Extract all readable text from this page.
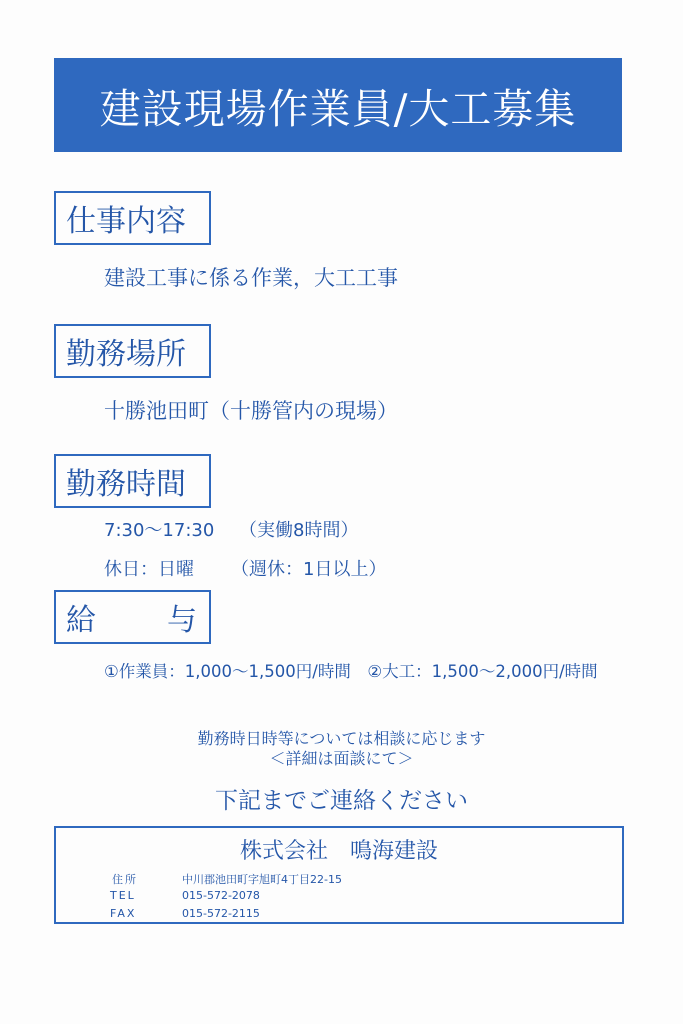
建設現場作業員/大工募集
仕事内容
建設工事に係る作業，大工工事
勤務場所
十勝池田町（十勝管内の現場）
勤務時間
7:30〜17:30 （実働8時間）
休日：日曜 （週休：1日以上）
給 与
①作業員：1,000〜1,500円/時間　②大工：1,500〜2,000円/時間
勤務時日時等については相談に応じます
＜詳細は面談にて＞
下記までご連絡ください
株式会社　鳴海建設
住所	中川郡池田町字旭町4丁目22-15
TEL	015-572-2078
FAX	015-572-2115
